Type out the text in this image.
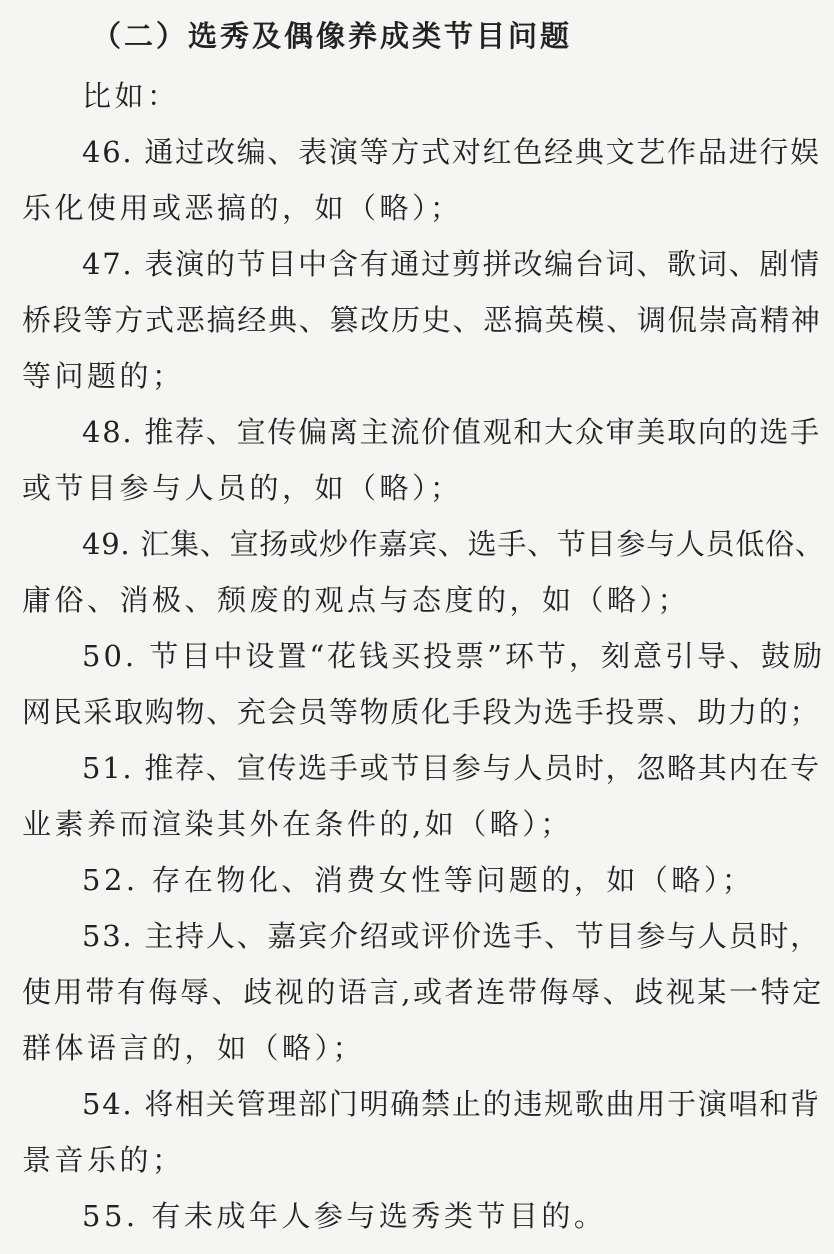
（二）选秀及偶像养成类节目问题
比如：
46. 通过改编、表演等方式对红色经典文艺作品进行娱
乐化使用或恶搞的，如（略）；
47. 表演的节目中含有通过剪拼改编台词、歌词、剧情
桥段等方式恶搞经典、篡改历史、恶搞英模、调侃崇高精神
等问题的；
48. 推荐、宣传偏离主流价值观和大众审美取向的选手
或节目参与人员的，如（略）；
49. 汇集、宣扬或炒作嘉宾、选手、节目参与人员低俗、
庸俗、消极、颓废的观点与态度的，如（略）；
50. 节目中设置“花钱买投票”环节，刻意引导、鼓励
网民采取购物、充会员等物质化手段为选手投票、助力的；
51. 推荐、宣传选手或节目参与人员时，忽略其内在专
业素养而渲染其外在条件的,如（略）；
52. 存在物化、消费女性等问题的，如（略）；
53. 主持人、嘉宾介绍或评价选手、节目参与人员时，
使用带有侮辱、歧视的语言,或者连带侮辱、歧视某一特定
群体语言的，如（略）；
54. 将相关管理部门明确禁止的违规歌曲用于演唱和背
景音乐的；
55. 有未成年人参与选秀类节目的。
